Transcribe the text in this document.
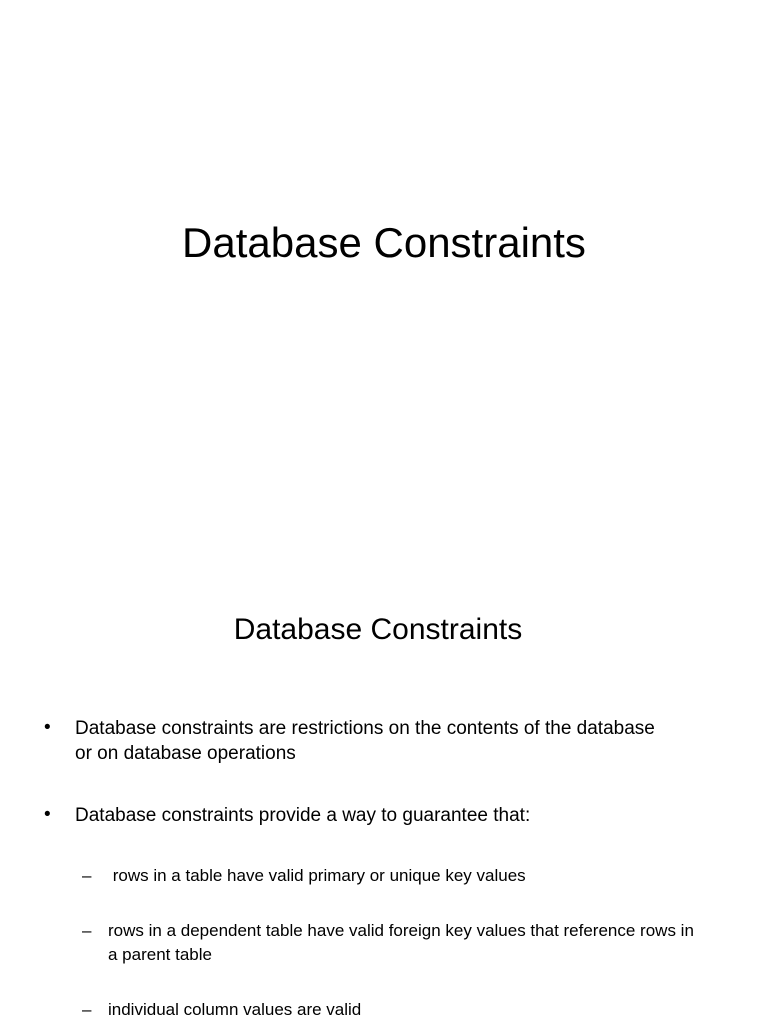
Database Constraints
Database Constraints
• Database constraints are restrictions on the contents of the database or on database operations
• Database constraints provide a way to guarantee that:
– rows in a table have valid primary or unique key values
– rows in a dependent table have valid foreign key values that reference rows in a parent table
– individual column values are valid
